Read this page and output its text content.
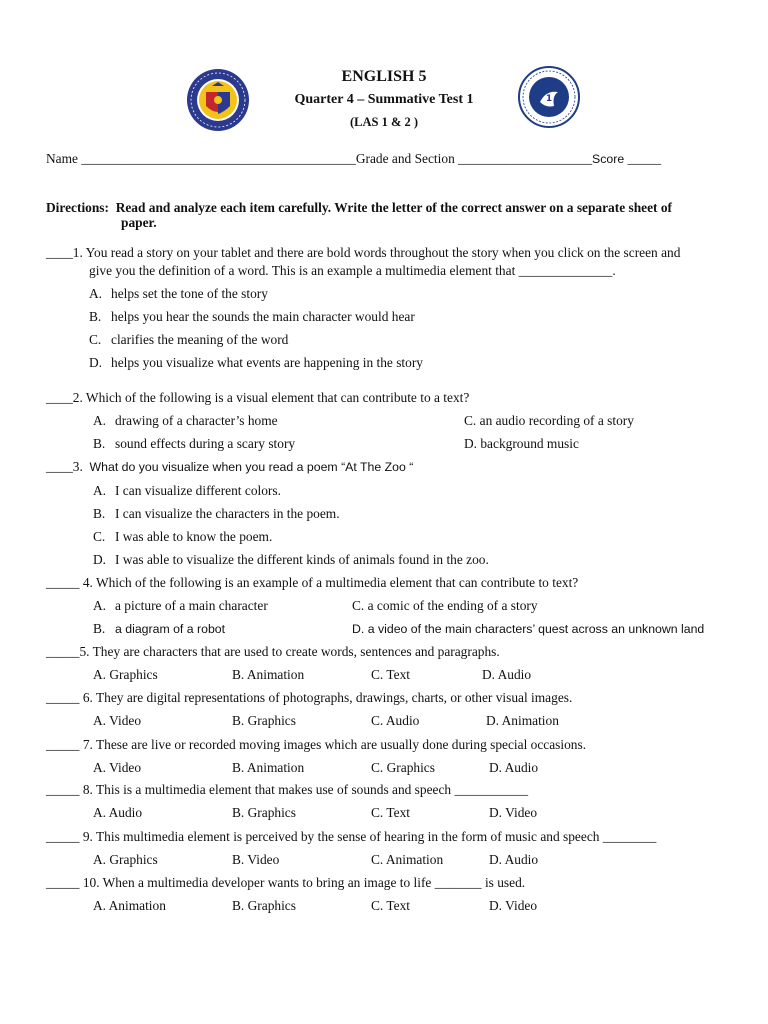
1
ENGLISH 5
Quarter 4 – Summative Test 1
(LAS 1 & 2 )
Name _________________________________________Grade and Section ____________________Score _____
Directions: Read and analyze each item carefully. Write the letter of the correct answer on a separate sheet of
paper.
____1. You read a story on your tablet and there are bold words throughout the story when you click on the screen and
give you the definition of a word. This is an example a multimedia element that ______________.
A. helps set the tone of the story
B. helps you hear the sounds the main character would hear
C. clarifies the meaning of the word
D. helps you visualize what events are happening in the story
____2. Which of the following is a visual element that can contribute to a text?
A. drawing of a character’s home	C. an audio recording of a story
B. sound effects during a scary story	D. background music
____3.  What do you visualize when you read a poem “At The Zoo “
A. I can visualize different colors.
B. I can visualize the characters in the poem.
C. I was able to know the poem.
D. I was able to visualize the different kinds of animals found in the zoo.
_____ 4. Which of the following is an example of a multimedia element that can contribute to text?
A. a picture of a main character	C. a comic of the ending of a story
B. a diagram of a robot	D. a video of the main characters’ quest across an unknown land
_____5. They are characters that are used to create words, sentences and paragraphs.
A. Graphics	B. Animation	C. Text	D. Audio
_____ 6. They are digital representations of photographs, drawings, charts, or other visual images.
A. Video	B. Graphics	C. Audio	D. Animation
_____ 7. These are live or recorded moving images which are usually done during special occasions.
A. Video	B. Animation	C. Graphics	D. Audio
_____ 8. This is a multimedia element that makes use of sounds and speech ___________
A. Audio	B. Graphics	C. Text	D. Video
_____ 9. This multimedia element is perceived by the sense of hearing in the form of music and speech ________
A. Graphics	B. Video	C. Animation	D. Audio
_____ 10. When a multimedia developer wants to bring an image to life _______ is used.
A. Animation	B. Graphics	C. Text	D. Video
